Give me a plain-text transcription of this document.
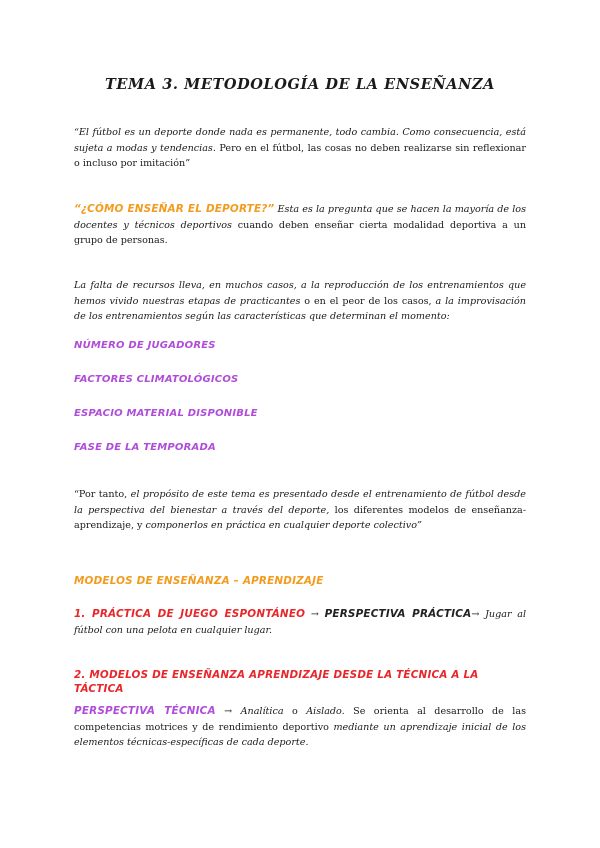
TEMA 3. METODOLOGÍA DE LA ENSEÑANZA

“El fútbol es un deporte donde nada es permanente, todo cambia. Como consecuencia, está sujeta a modas y tendencias. Pero en el fútbol, las cosas no deben realizarse sin reflexionar o incluso por imitación”

“¿CÓMO ENSEÑAR EL DEPORTE?” Esta es la pregunta que se hacen la mayoría de los docentes y técnicos deportivos cuando deben enseñar cierta modalidad deportiva a un grupo de personas.

La falta de recursos lleva, en muchos casos, a la reproducción de los entrenamientos que hemos vivido nuestras etapas de practicantes o en el peor de los casos, a la improvisación de los entrenamientos según las características que determinan el momento:

NÚMERO DE JUGADORES
FACTORES CLIMATOLÓGICOS
ESPACIO MATERIAL DISPONIBLE
FASE DE LA TEMPORADA

“Por tanto, el propósito de este tema es presentado desde el entrenamiento de fútbol desde la perspectiva del bienestar a través del deporte, los diferentes modelos de enseñanza-aprendizaje, y componerlos en práctica en cualquier deporte colectivo”

MODELOS DE ENSEÑANZA – APRENDIZAJE

1. PRÁCTICA DE JUEGO ESPONTÁNEO → PERSPECTIVA PRÁCTICA→ Jugar al fútbol con una pelota en cualquier lugar.

2. MODELOS DE ENSEÑANZA APRENDIZAJE DESDE LA TÉCNICA A LA TÁCTICA

PERSPECTIVA TÉCNICA → Analítica o Aislado. Se orienta al desarrollo de las competencias motrices y de rendimiento deportivo mediante un aprendizaje inicial de los elementos técnicas-específicas de cada deporte.
